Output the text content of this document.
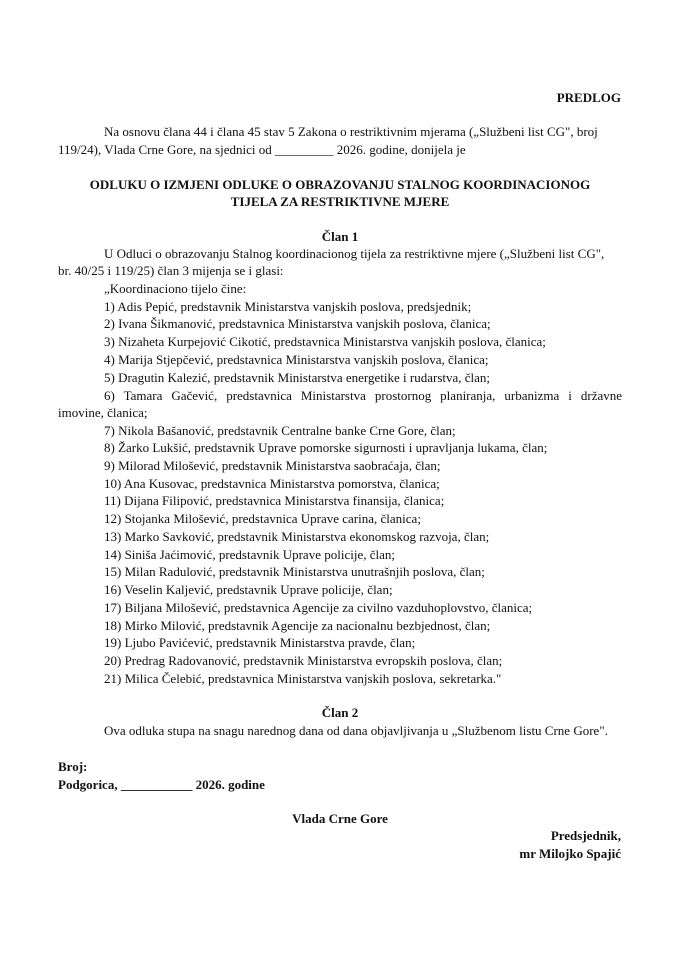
PREDLOG
Na osnovu člana 44 i člana 45 stav 5 Zakona o restriktivnim mjerama („Službeni list CG", broj
119/24), Vlada Crne Gore, na sjednici od _________ 2026. godine, donijela je
ODLUKU O IZMJENI ODLUKE O OBRAZOVANJU STALNOG KOORDINACIONOG
TIJELA ZA RESTRIKTIVNE MJERE
Član 1
U Odluci o obrazovanju Stalnog koordinacionog tijela za restriktivne mjere („Službeni list CG",
br. 40/25 i 119/25) član 3 mijenja se i glasi:
„Koordinaciono tijelo čine:
1) Adis Pepić, predstavnik Ministarstva vanjskih poslova, predsjednik;
2) Ivana Šikmanović, predstavnica Ministarstva vanjskih poslova, članica;
3) Nizaheta Kurpejović Cikotić, predstavnica Ministarstva vanjskih poslova, članica;
4) Marija Stjepčević, predstavnica Ministarstva vanjskih poslova, članica;
5) Dragutin Kalezić, predstavnik Ministarstva energetike i rudarstva, član;
6) Tamara Gačević, predstavnica Ministarstva prostornog planiranja, urbanizma i državne
imovine, članica;
7) Nikola Bašanović, predstavnik Centralne banke Crne Gore, član;
8) Žarko Lukšić, predstavnik Uprave pomorske sigurnosti i upravljanja lukama, član;
9) Milorad Milošević, predstavnik Ministarstva saobraćaja, član;
10) Ana Kusovac, predstavnica Ministarstva pomorstva, članica;
11) Dijana Filipović, predstavnica Ministarstva finansija, članica;
12) Stojanka Milošević, predstavnica Uprave carina, članica;
13) Marko Savković, predstavnik Ministarstva ekonomskog razvoja, član;
14) Siniša Jaćimović, predstavnik Uprave policije, član;
15) Milan Radulović, predstavnik Ministarstva unutrašnjih poslova, član;
16) Veselin Kaljević, predstavnik Uprave policije, član;
17) Biljana Milošević, predstavnica Agencije za civilno vazduhoplovstvo, članica;
18) Mirko Milović, predstavnik Agencije za nacionalnu bezbjednost, član;
19) Ljubo Pavićević, predstavnik Ministarstva pravde, član;
20) Predrag Radovanović, predstavnik Ministarstva evropskih poslova, član;
21) Milica Čelebić, predstavnica Ministarstva vanjskih poslova, sekretarka."
Član 2
Ova odluka stupa na snagu narednog dana od dana objavljivanja u „Službenom listu Crne Gore".
Broj:
Podgorica, ___________ 2026. godine
Vlada Crne Gore
Predsjednik,
mr Milojko Spajić
